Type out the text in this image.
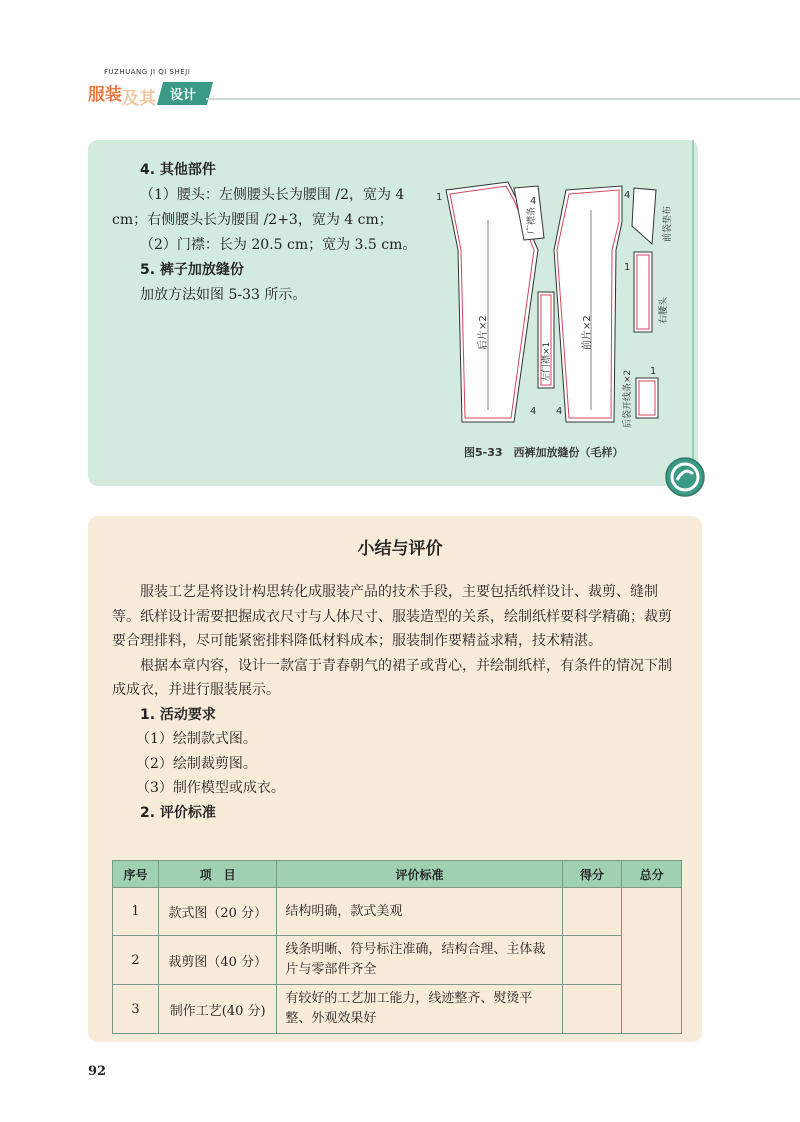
FUZHUANG JI QI SHEJI
服装 及其	设计

4. 其他部件

（1）腰头：左侧腰头长为腰围 /2，宽为 4 cm；右侧腰头长为腰围 /2+3，宽为 4 cm；

（2）门襟：长为 20.5 cm；宽为 3.5 cm。

5. 裤子加放缝份

加放方法如图 5-33 所示。

1	4
4
1
4 4
1
后片×2	前片×2
广襟条
左门襟×1
前袋垫布
右腰头
后袋开线条×2
图5-33　西裤加放缝份（毛样）
小结与评价

服装工艺是将设计构思转化成服装产品的技术手段，主要包括纸样设计、裁剪、缝制等。纸样设计需要把握成衣尺寸与人体尺寸、服装造型的关系，绘制纸样要科学精确；裁剪要合理排料，尽可能紧密排料降低材料成本；服装制作要精益求精，技术精湛。

根据本章内容，设计一款富于青春朝气的裙子或背心，并绘制纸样，有条件的情况下制成成衣，并进行服装展示。

1. 活动要求

（1）绘制款式图。

（2）绘制裁剪图。

（3）制作模型或成衣。

2. 评价标准

序号	项　目	评价标准	得分	总分
1	款式图（20 分）	结构明确，款式美观		
2	裁剪图（40 分）	线条明晰、符号标注准确，结构合理、主体裁片与零部件齐全		
3	制作工艺(40 分)	有较好的工艺加工能力，线迹整齐、熨烫平整、外观效果好		
92
